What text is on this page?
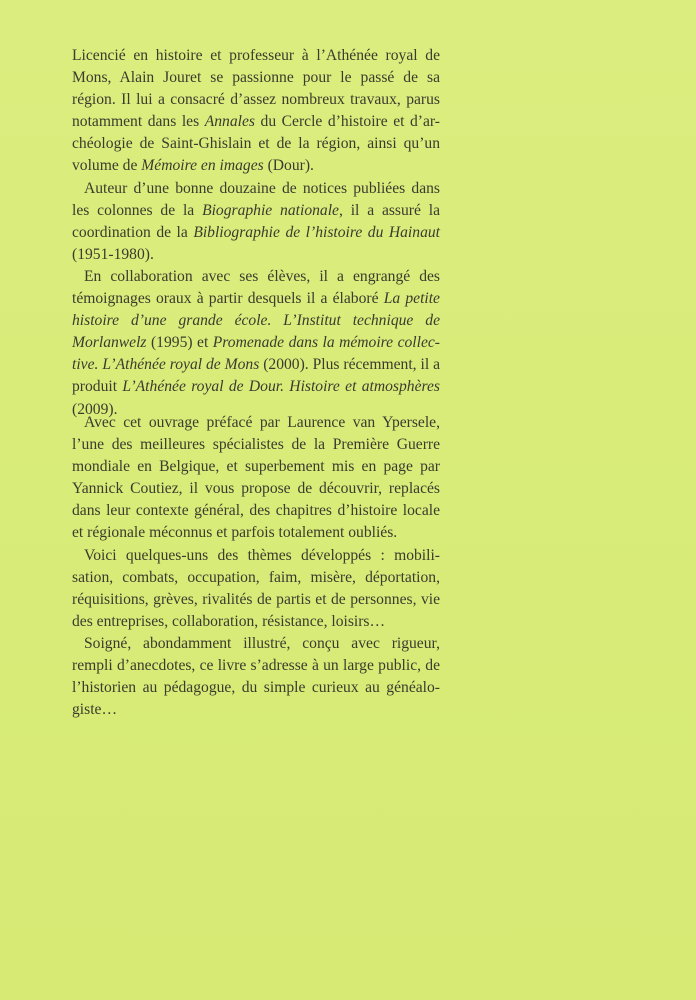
Licencié en histoire et professeur à l’Athénée royal de Mons, Alain Jouret se passionne pour le passé de sa région. Il lui a consacré d’assez nombreux travaux, parus notamment dans les Annales du Cercle d’histoire et d’ar-chéologie de Saint-Ghislain et de la région, ainsi qu’un volume de Mémoire en images (Dour).

Auteur d’une bonne douzaine de notices publiées dans les colonnes de la Biographie nationale, il a assuré la coordination de la Bibliographie de l’histoire du Hainaut (1951-1980).

En collaboration avec ses élèves, il a engrangé des témoignages oraux à partir desquels il a élaboré La petite histoire d’une grande école. L’Institut technique de Morlanwelz (1995) et Promenade dans la mémoire collec-tive. L’Athénée royal de Mons (2000). Plus récemment, il a produit L’Athénée royal de Dour. Histoire et atmosphères (2009).

Avec cet ouvrage préfacé par Laurence van Ypersele, l’une des meilleures spécialistes de la Première Guerre mondiale en Belgique, et superbement mis en page par Yannick Coutiez, il vous propose de découvrir, replacés dans leur contexte général, des chapitres d’histoire locale et régionale méconnus et parfois totalement oubliés.

Voici quelques-uns des thèmes développés : mobili-sation, combats, occupation, faim, misère, déportation, réquisitions, grèves, rivalités de partis et de personnes, vie des entreprises, collaboration, résistance, loisirs…

Soigné, abondamment illustré, conçu avec rigueur, rempli d’anecdotes, ce livre s’adresse à un large public, de l’historien au pédagogue, du simple curieux au généalo-giste…
